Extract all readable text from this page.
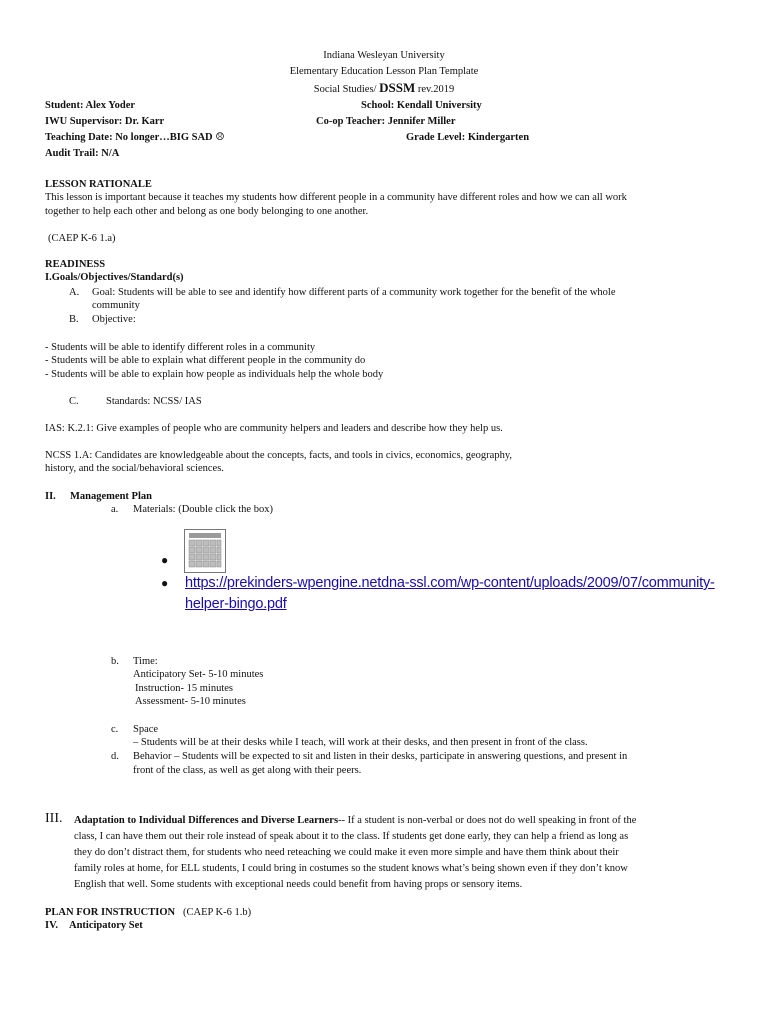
Indiana Wesleyan University
Elementary Education Lesson Plan Template
Social Studies/ DSSM rev.2019
Student: Alex Yoder	School: Kendall University
IWU Supervisor: Dr. Karr	Co-op Teacher: Jennifer Miller
Teaching Date: No longer…BIG SAD ☹	Grade Level: Kindergarten
Audit Trail: N/A
LESSON RATIONALE
This lesson is important because it teaches my students how different people in a community have different roles and how we can all work
together to help each other and belong as one body belonging to one another.
(CAEP K-6 1.a)
READINESS
I.Goals/Objectives/Standard(s)
A. Goal: Students will be able to see and identify how different parts of a community work together for the benefit of the whole
community
B. Objective:
- Students will be able to identify different roles in a community
- Students will be able to explain what different people in the community do
- Students will be able to explain how people as individuals help the whole body
C.	Standards: NCSS/ IAS
IAS: K.2.1: Give examples of people who are community helpers and leaders and describe how they help us.
NCSS 1.A: Candidates are knowledgeable about the concepts, facts, and tools in civics, economics, geography,
history, and the social/behavioral sciences.
II. Management Plan
a. Materials: (Double click the box)
●
● https://prekinders-wpengine.netdna-ssl.com/wp-content/uploads/2009/07/community-
helper-bingo.pdf
b. Time:
Anticipatory Set- 5-10 minutes
Instruction- 15 minutes
Assessment- 5-10 minutes
c. Space
– Students will be at their desks while I teach, will work at their desks, and then present in front of the class.
d. Behavior – Students will be expected to sit and listen in their desks, participate in answering questions, and present in
front of the class, as well as get along with their peers.
III. Adaptation to Individual Differences and Diverse Learners-- If a student is non-verbal or does not do well speaking in front of the
class, I can have them out their role instead of speak about it to the class. If students get done early, they can help a friend as long as
they do don’t distract them, for students who need reteaching we could make it even more simple and have them think about their
family roles at home, for ELL students, I could bring in costumes so the student knows what’s being shown even if they don’t know
English that well. Some students with exceptional needs could benefit from having props or sensory items.
PLAN FOR INSTRUCTION (CAEP K-6 1.b)
IV. Anticipatory Set
